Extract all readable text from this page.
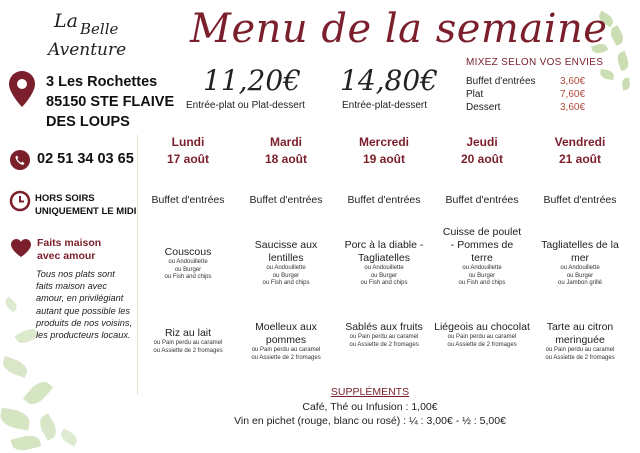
La Belle
Aventure Menu de la semaine
3 Les Rochettes
85150 STE FLAIVE
DES LOUPS
11,20€
Entrée-plat ou Plat-dessert
14,80€
Entrée-plat-dessert
MIXEZ SELON VOS ENVIES
Buffet d'entrées 3,60€
Plat	7,60€
Dessert	3,60€
02 51 34 03 65
HORS SOIRS
UNIQUEMENT LE MIDI
Faits maison
avec amour
Tous nos plats sont faits maison avec amour, en privilégiant autant que possible les produits de nos voisins, les producteurs locaux.
Lundi
17 août
Buffet d'entrées
Couscous
ou Andouillette
ou Burger
ou Fish and chips
Riz au lait
ou Pain perdu au caramel
ou Assiette de 2 fromages
Mardi
18 août
Buffet d'entrées
Saucisse aux lentilles
ou Andouillette
ou Burger
ou Fish and chips
Moelleux aux pommes
ou Pain perdu au caramel
ou Assiette de 2 fromages
Mercredi
19 août
Buffet d'entrées
Porc à la diable - Tagliatelles
ou Andouillette
ou Burger
ou Fish and chips
Sablés aux fruits
ou Pain perdu au caramel
ou Assiette de 2 fromages
Jeudi
20 août
Buffet d'entrées
Cuisse de poulet - Pommes de terre
ou Andouillette
ou Burger
ou Fish and chips
Liégeois au chocolat
ou Pain perdu au caramel
ou Assiette de 2 fromages
Vendredi
21 août
Buffet d'entrées
Tagliatelles de la mer
ou Andouillette
ou Burger
ou Jambon grillé
Tarte au citron meringuée
ou Pain perdu au caramel
ou Assiette de 2 fromages
SUPPLÉMENTS
Café, Thé ou Infusion : 1,00€
Vin en pichet (rouge, blanc ou rosé) : ¼ : 3,00€ - ½ : 5,00€
